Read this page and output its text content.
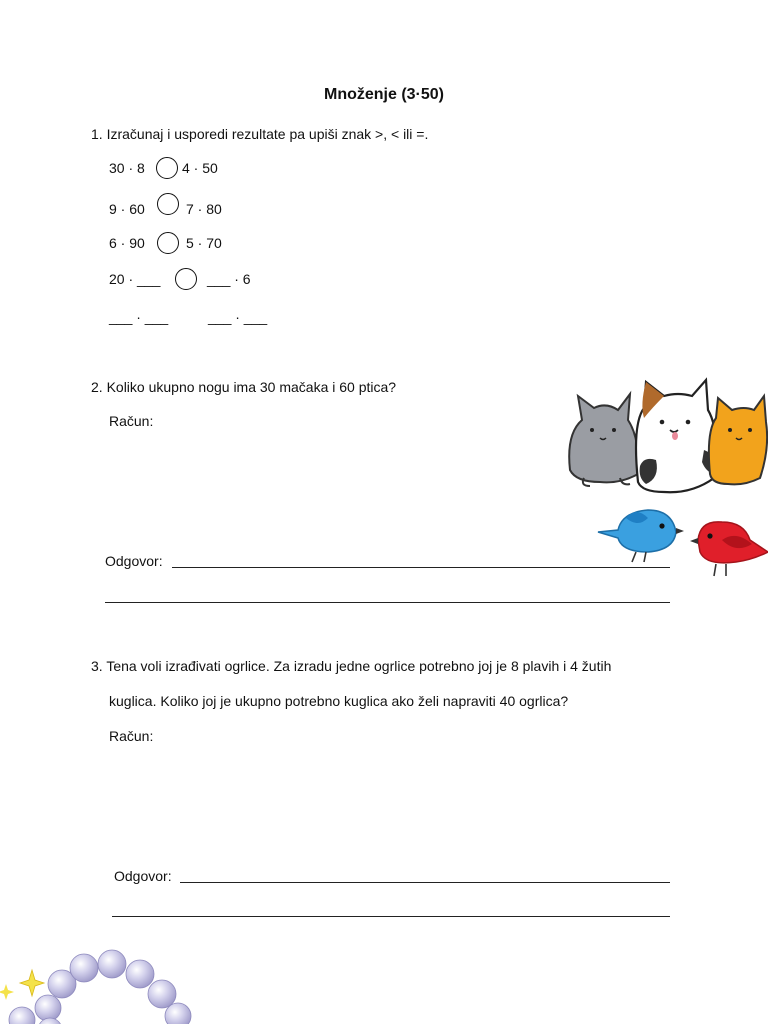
Množenje (3·50)
1. Izračunaj i usporedi rezultate pa upiši znak >, < ili =.
30 · 8	4 · 50
9 · 60	7 · 80
6 · 90	5 · 70
20 · ___	___ · 6
___ · ___	___ · ___
2. Koliko ukupno nogu ima 30 mačaka i 60 ptica?
Račun:
Odgovor:
3. Tena voli izrađivati ogrlice. Za izradu jedne ogrlice potrebno joj je 8 plavih i 4 žutih
kuglica. Koliko joj je ukupno potrebno kuglica ako želi napraviti 40 ogrlica?
Račun:
Odgovor:
